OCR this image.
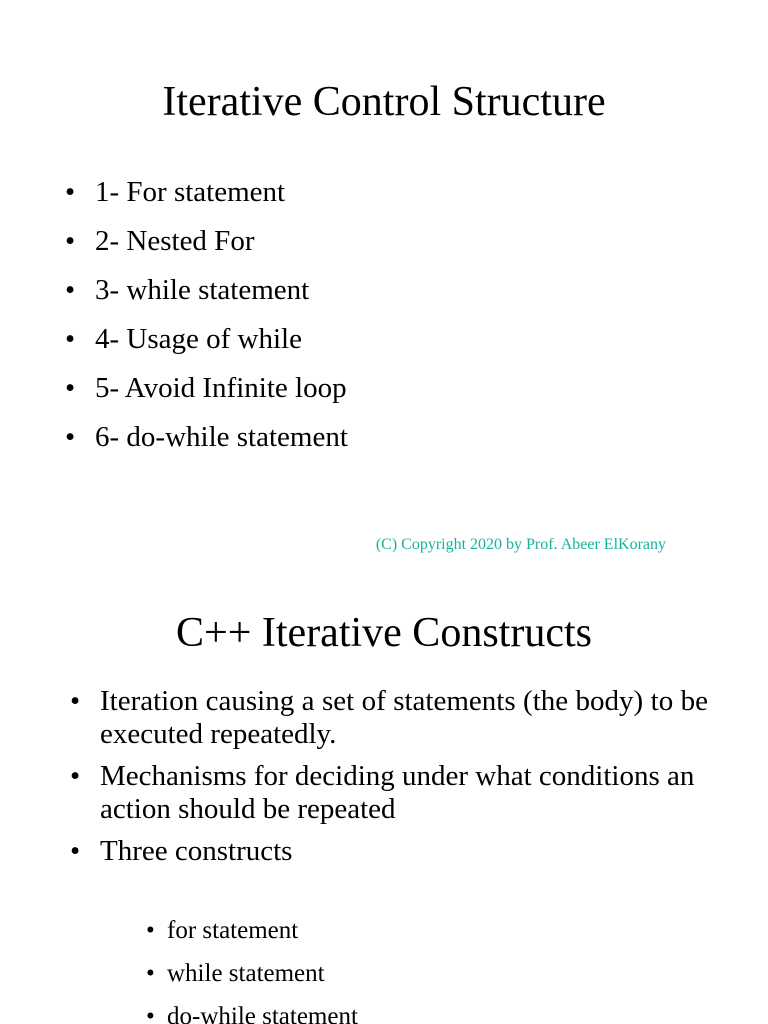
Iterative Control Structure
• 1- For statement
• 2- Nested For
• 3- while statement
• 4- Usage of while
• 5- Avoid Infinite loop
• 6- do-while statement
(C) Copyright 2020 by Prof. Abeer ElKorany
C++ Iterative Constructs
• Iteration causing a set of statements (the body) to be executed repeatedly.
• Mechanisms for deciding under what conditions an action should be repeated
• Three constructs
• for statement
• while statement
• do-while statement
